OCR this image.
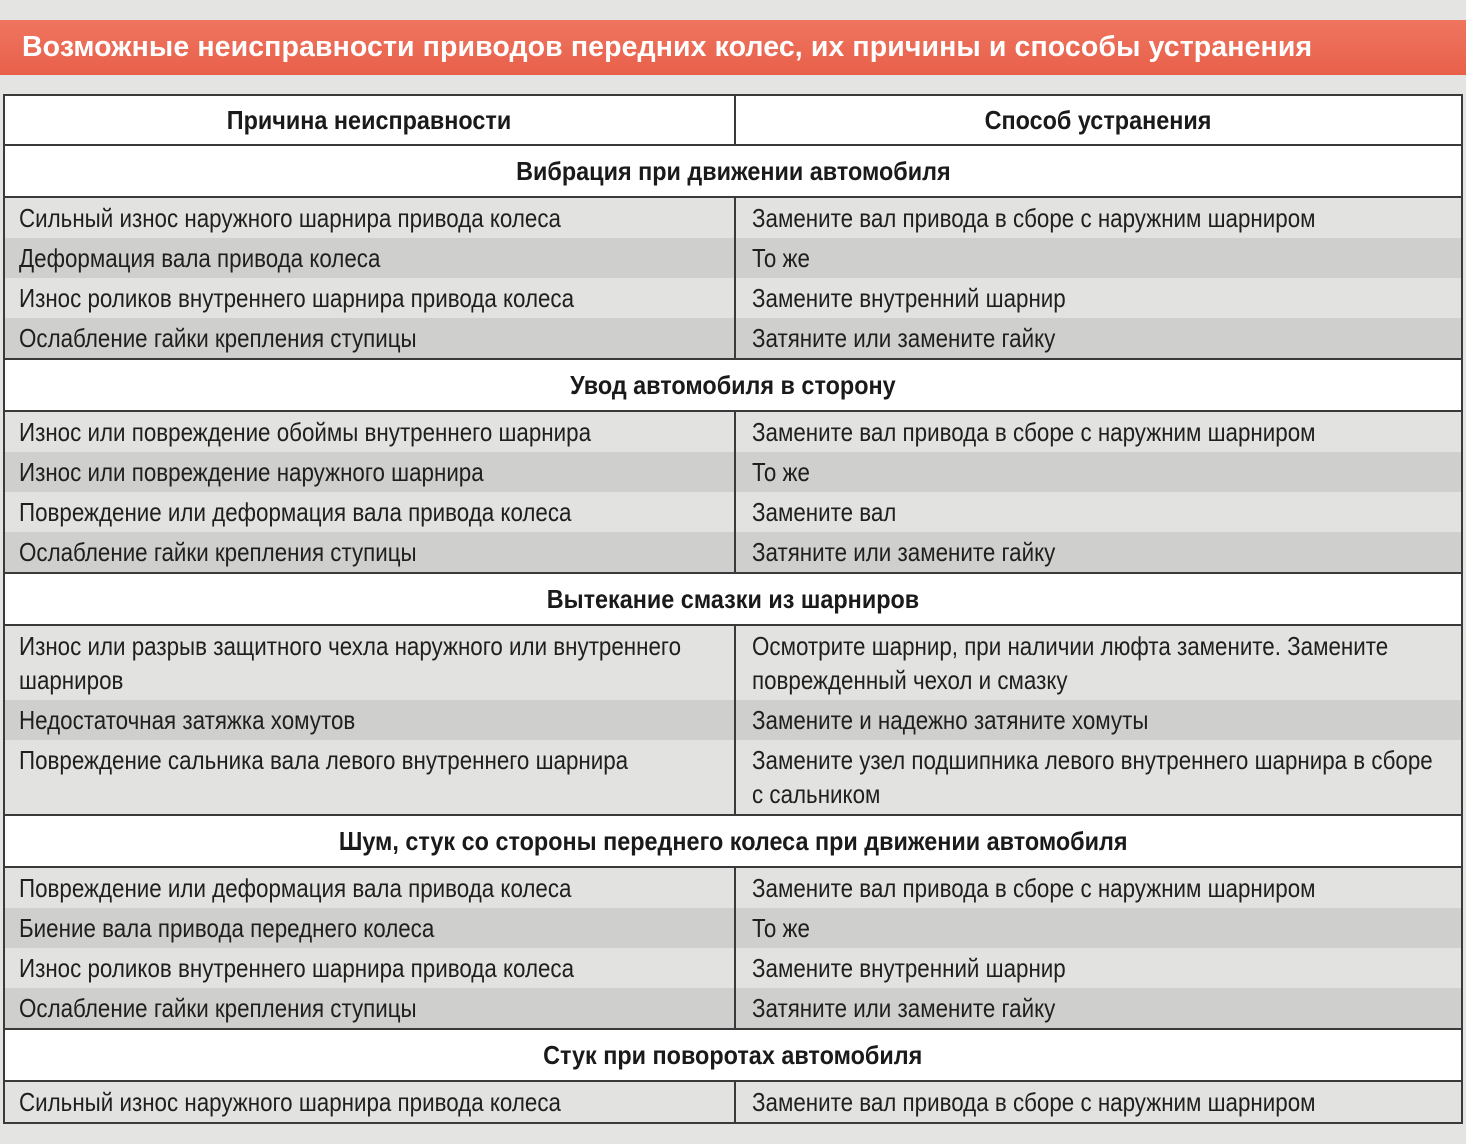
Возможные неисправности приводов передних колес, их причины и способы устранения
Причина неисправности	Способ устранения
Вибрация при движении автомобиля	

Сильный износ наружного шарнира привода колеса	Замените вал привода в сборе с наружним шарниром

Деформация вала привода колеса	То же

Износ роликов внутреннего шарнира привода колеса	Замените внутренний шарнир

Ослабление гайки крепления ступицы	Затяните или замените гайку

Увод автомобиля в сторону	

Износ или повреждение обоймы внутреннего шарнира	Замените вал привода в сборе с наружним шарниром

Износ или повреждение наружного шарнира	То же

Повреждение или деформация вала привода колеса	Замените вал

Ослабление гайки крепления ступицы	Затяните или замените гайку

Вытекание смазки из шарниров	

Износ или разрыв защитного чехла наружного или внутреннего шарниров	Осмотрите шарнир, при наличии люфта замените. Замените поврежденный чехол и смазку

Недостаточная затяжка хомутов	Замените и надежно затяните хомуты

Повреждение сальника вала левого внутреннего шарнира	Замените узел подшипника левого внутреннего шарнира в сборе с сальником

Шум, стук со стороны переднего колеса при движении автомобиля	

Повреждение или деформация вала привода колеса	Замените вал привода в сборе с наружним шарниром

Биение вала привода переднего колеса	То же

Износ роликов внутреннего шарнира привода колеса	Замените внутренний шарнир

Ослабление гайки крепления ступицы	Затяните или замените гайку

Стук при поворотах автомобиля	

Сильный износ наружного шарнира привода колеса	Замените вал привода в сборе с наружним шарниром
